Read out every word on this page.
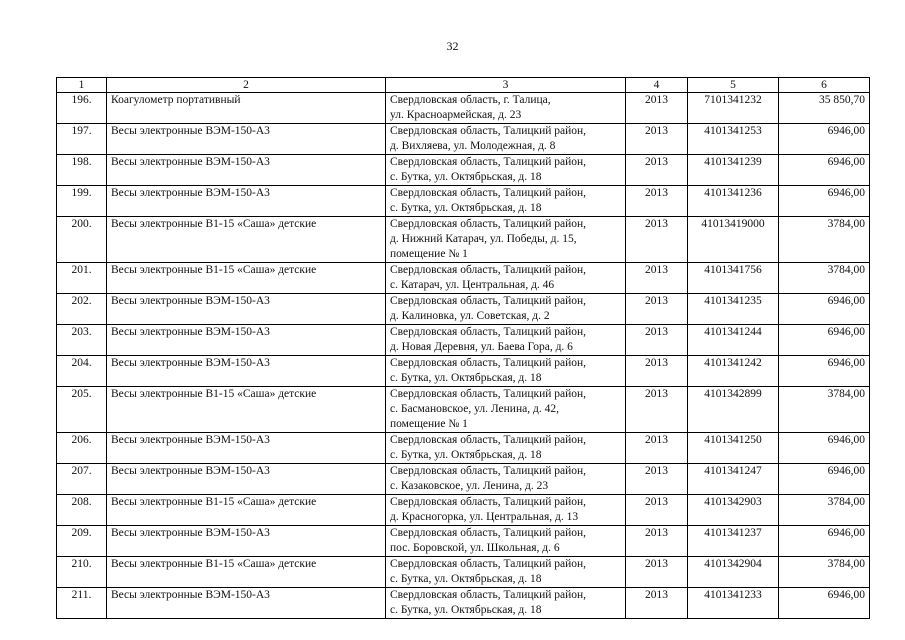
32
1	2	3	4	5	6
196.	Коагулометр портативный	Свердловская область, г. Талица,
ул. Красноармейская, д. 23	2013	7101341232	35 850,70
197.	Весы электронные ВЭМ-150-А3	Свердловская область, Талицкий район,
д. Вихляева, ул. Молодежная, д. 8	2013	4101341253	6946,00
198.	Весы электронные ВЭМ-150-А3	Свердловская область, Талицкий район,
с. Бутка, ул. Октябрьская, д. 18	2013	4101341239	6946,00
199.	Весы электронные ВЭМ-150-А3	Свердловская область, Талицкий район,
с. Бутка, ул. Октябрьская, д. 18	2013	4101341236	6946,00
200.	Весы электронные В1-15 «Саша» детские	Свердловская область, Талицкий район,
д. Нижний Катарач, ул. Победы, д. 15,
помещение № 1	2013	41013419000	3784,00
201.	Весы электронные В1-15 «Саша» детские	Свердловская область, Талицкий район,
с. Катарач, ул. Центральная, д. 46	2013	4101341756	3784,00
202.	Весы электронные ВЭМ-150-А3	Свердловская область, Талицкий район,
д. Калиновка, ул. Советская, д. 2	2013	4101341235	6946,00
203.	Весы электронные ВЭМ-150-А3	Свердловская область, Талицкий район,
д. Новая Деревня, ул. Баева Гора, д. 6	2013	4101341244	6946,00
204.	Весы электронные ВЭМ-150-А3	Свердловская область, Талицкий район,
с. Бутка, ул. Октябрьская, д. 18	2013	4101341242	6946,00
205.	Весы электронные В1-15 «Саша» детские	Свердловская область, Талицкий район,
с. Басмановское, ул. Ленина, д. 42,
помещение № 1	2013	4101342899	3784,00
206.	Весы электронные ВЭМ-150-А3	Свердловская область, Талицкий район,
с. Бутка, ул. Октябрьская, д. 18	2013	4101341250	6946,00
207.	Весы электронные ВЭМ-150-А3	Свердловская область, Талицкий район,
с. Казаковское, ул. Ленина, д. 23	2013	4101341247	6946,00
208.	Весы электронные В1-15 «Саша» детские	Свердловская область, Талицкий район,
д. Красногорка, ул. Центральная, д. 13	2013	4101342903	3784,00
209.	Весы электронные ВЭМ-150-А3	Свердловская область, Талицкий район,
пос. Боровской, ул. Школьная, д. 6	2013	4101341237	6946,00
210.	Весы электронные В1-15 «Саша» детские	Свердловская область, Талицкий район,
с. Бутка, ул. Октябрьская, д. 18	2013	4101342904	3784,00
211.	Весы электронные ВЭМ-150-А3	Свердловская область, Талицкий район,
с. Бутка, ул. Октябрьская, д. 18	2013	4101341233	6946,00
